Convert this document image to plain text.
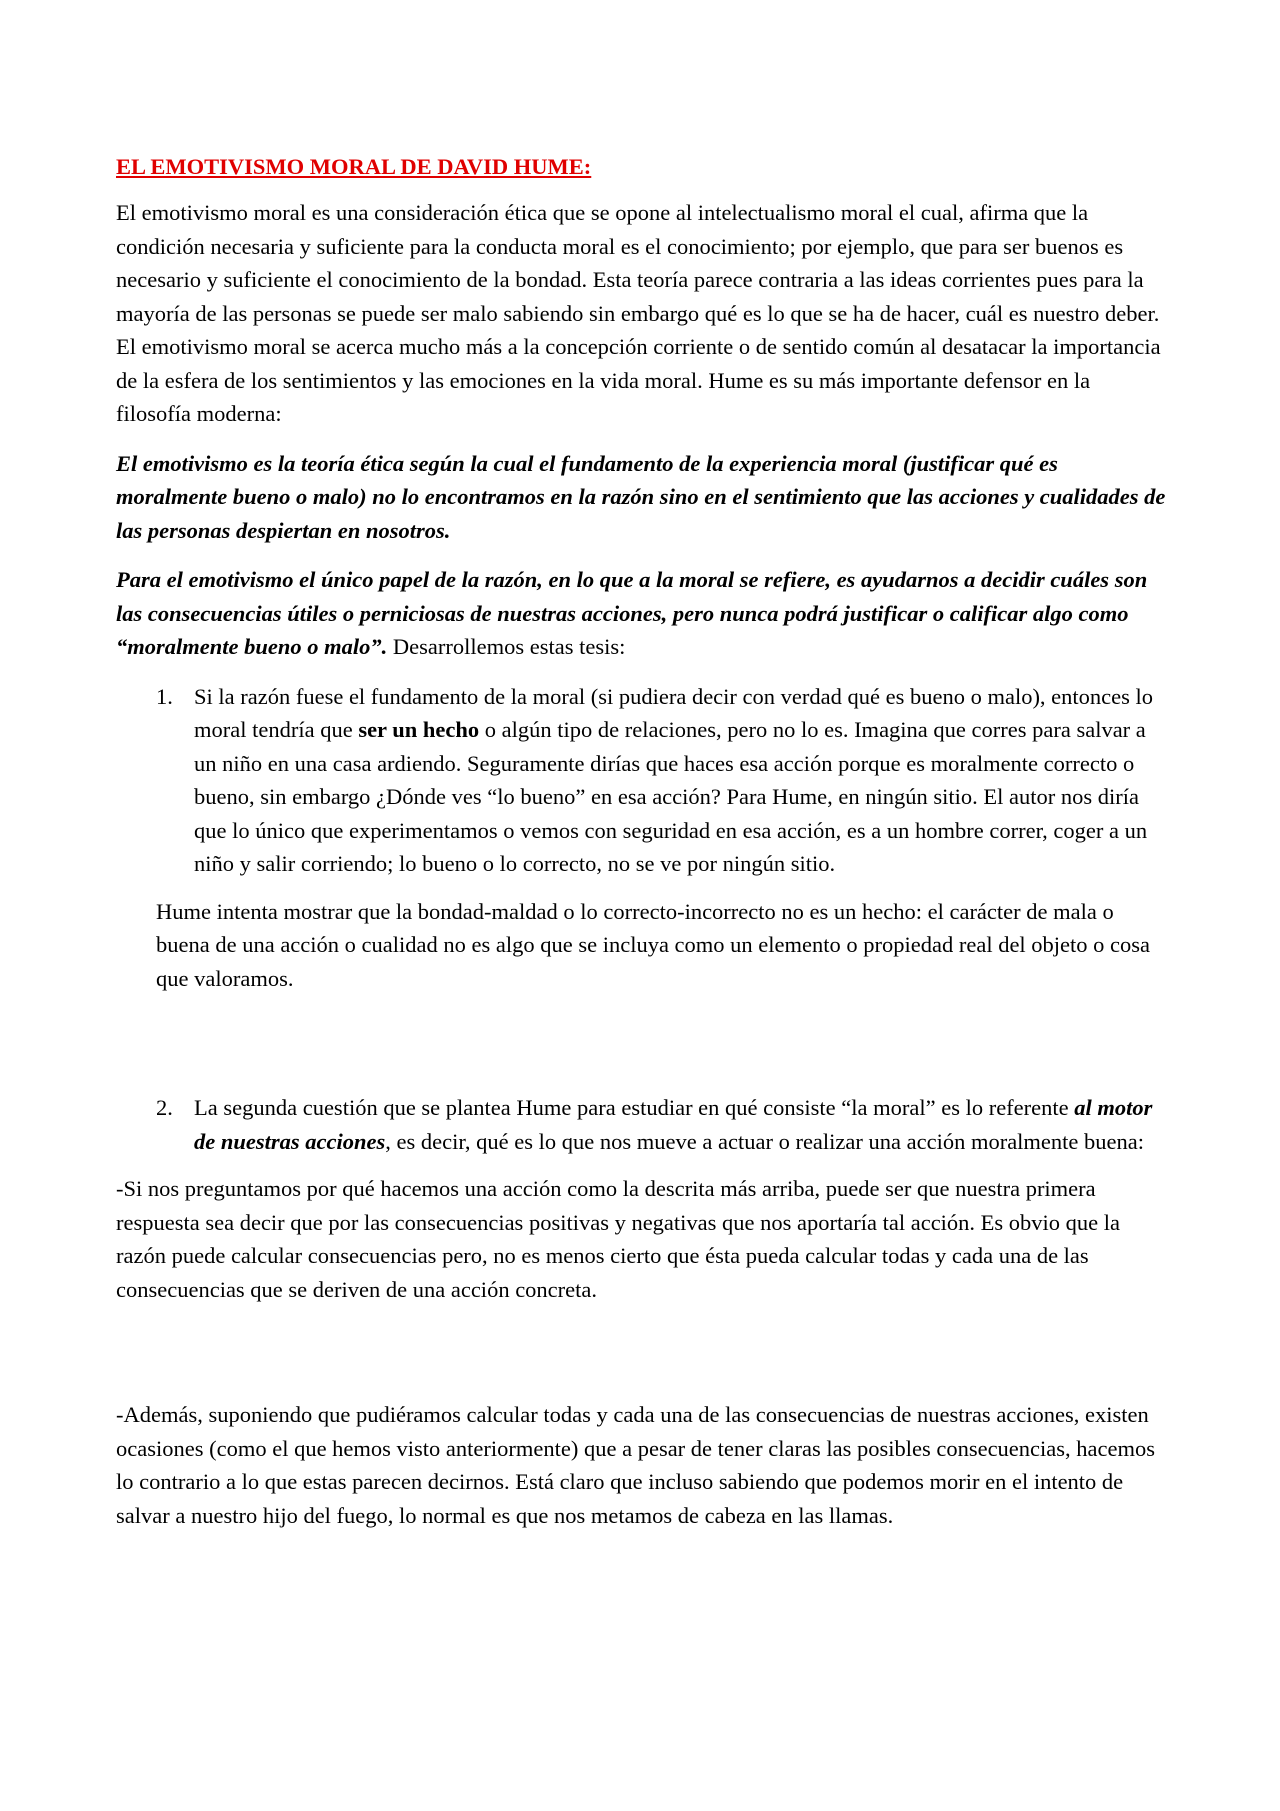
EL EMOTIVISMO MORAL DE DAVID HUME:

El emotivismo moral es una consideración ética que se opone al intelectualismo moral el cual, afirma que la condición necesaria y suficiente para la conducta moral es el conocimiento; por ejemplo, que para ser buenos es necesario y suficiente el conocimiento de la bondad. Esta teoría parece contraria a las ideas corrientes pues para la mayoría de las personas se puede ser malo sabiendo sin embargo qué es lo que se ha de hacer, cuál es nuestro deber. El emotivismo moral se acerca mucho más a la concepción corriente o de sentido común al desatacar la importancia de la esfera de los sentimientos y las emociones en la vida moral. Hume es su más importante defensor en la filosofía moderna:

El emotivismo es la teoría ética según la cual el fundamento de la experiencia moral (justificar qué es moralmente bueno o malo) no lo encontramos en la razón sino en el sentimiento que las acciones y cualidades de las personas despiertan en nosotros.

Para el emotivismo el único papel de la razón, en lo que a la moral se refiere, es ayudarnos a decidir cuáles son las consecuencias útiles o perniciosas de nuestras acciones, pero nunca podrá justificar o calificar algo como “moralmente bueno o malo”. Desarrollemos estas tesis:

1. Si la razón fuese el fundamento de la moral (si pudiera decir con verdad qué es bueno o malo), entonces lo moral tendría que ser un hecho o algún tipo de relaciones, pero no lo es. Imagina que corres para salvar a un niño en una casa ardiendo. Seguramente dirías que haces esa acción porque es moralmente correcto o bueno, sin embargo ¿Dónde ves “lo bueno” en esa acción? Para Hume, en ningún sitio. El autor nos diría que lo único que experimentamos o vemos con seguridad en esa acción, es a un hombre correr, coger a un niño y salir corriendo; lo bueno o lo correcto, no se ve por ningún sitio.

Hume intenta mostrar que la bondad-maldad o lo correcto-incorrecto no es un hecho: el carácter de mala o buena de una acción o cualidad no es algo que se incluya como un elemento o propiedad real del objeto o cosa que valoramos.

2. La segunda cuestión que se plantea Hume para estudiar en qué consiste “la moral” es lo referente al motor de nuestras acciones, es decir, qué es lo que nos mueve a actuar o realizar una acción moralmente buena:

-Si nos preguntamos por qué hacemos una acción como la descrita más arriba, puede ser que nuestra primera respuesta sea decir que por las consecuencias positivas y negativas que nos aportaría tal acción. Es obvio que la razón puede calcular consecuencias pero, no es menos cierto que ésta pueda calcular todas y cada una de las consecuencias que se deriven de una acción concreta.

-Además, suponiendo que pudiéramos calcular todas y cada una de las consecuencias de nuestras acciones, existen ocasiones (como el que hemos visto anteriormente) que a pesar de tener claras las posibles consecuencias, hacemos lo contrario a lo que estas parecen decirnos. Está claro que incluso sabiendo que podemos morir en el intento de salvar a nuestro hijo del fuego, lo normal es que nos metamos de cabeza en las llamas.
